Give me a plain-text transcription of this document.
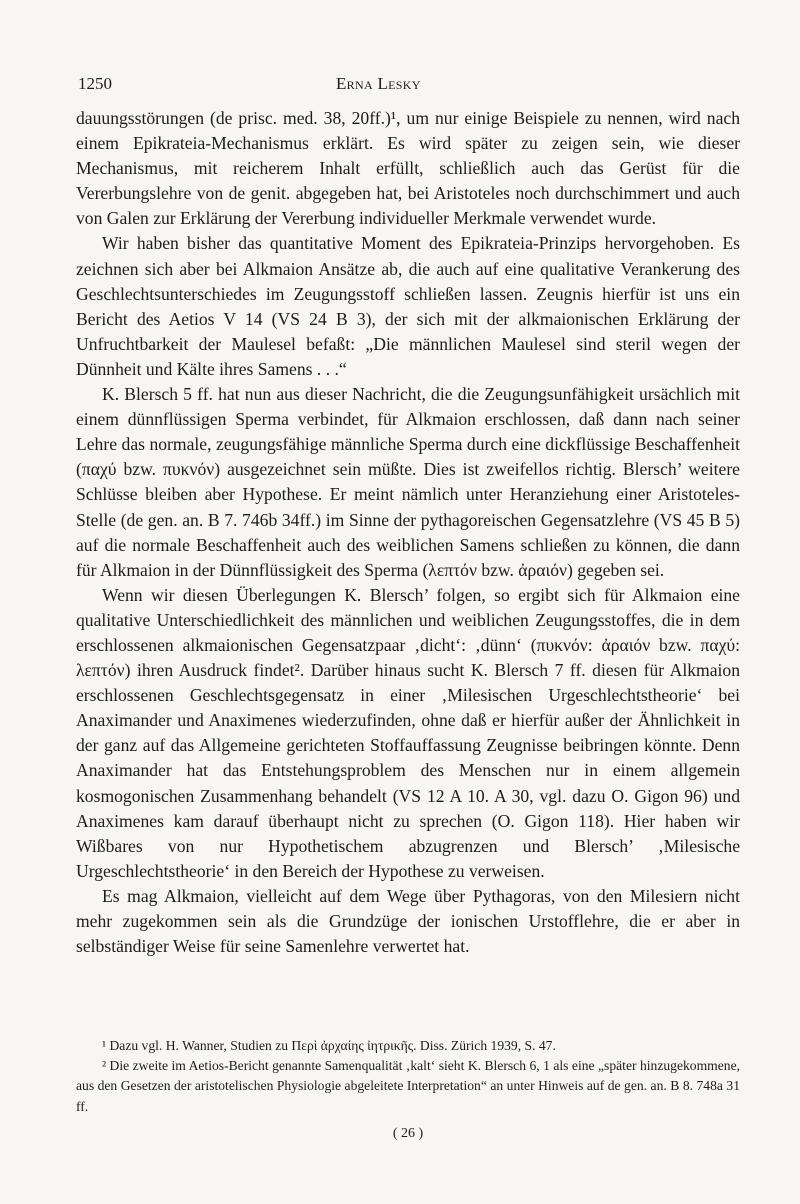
1250	Erna Lesky

dauungsstörungen (de prisc. med. 38, 20ff.)¹, um nur einige Beispiele zu nennen, wird nach einem Epikrateia-Mechanismus erklärt. Es wird später zu zeigen sein, wie dieser Mechanismus, mit reicherem Inhalt erfüllt, schließlich auch das Gerüst für die Vererbungslehre von de genit. abgegeben hat, bei Aristoteles noch durchschimmert und auch von Galen zur Erklärung der Vererbung individueller Merkmale verwendet wurde.

Wir haben bisher das quantitative Moment des Epikrateia-Prinzips hervorgehoben. Es zeichnen sich aber bei Alkmaion Ansätze ab, die auch auf eine qualitative Verankerung des Geschlechtsunterschiedes im Zeugungsstoff schließen lassen. Zeugnis hierfür ist uns ein Bericht des Aetios V 14 (VS 24 B 3), der sich mit der alkmaionischen Erklärung der Unfruchtbarkeit der Maulesel befaßt: „Die männlichen Maulesel sind steril wegen der Dünnheit und Kälte ihres Samens . . .“

K. Blersch 5 ff. hat nun aus dieser Nachricht, die die Zeugungsunfähigkeit ursächlich mit einem dünnflüssigen Sperma verbindet, für Alkmaion erschlossen, daß dann nach seiner Lehre das normale, zeugungsfähige männliche Sperma durch eine dickflüssige Beschaffenheit (παχύ bzw. πυκνόν) ausgezeichnet sein müßte. Dies ist zweifellos richtig. Blersch’ weitere Schlüsse bleiben aber Hypothese. Er meint nämlich unter Heranziehung einer Aristoteles-Stelle (de gen. an. B 7. 746b 34ff.) im Sinne der pythagoreischen Gegensatzlehre (VS 45 B 5) auf die normale Beschaffenheit auch des weiblichen Samens schließen zu können, die dann für Alkmaion in der Dünnflüssigkeit des Sperma (λεπτόν bzw. ἀραιόν) gegeben sei.

Wenn wir diesen Überlegungen K. Blersch’ folgen, so ergibt sich für Alkmaion eine qualitative Unterschiedlichkeit des männlichen und weiblichen Zeugungsstoffes, die in dem erschlossenen alkmaionischen Gegensatzpaar ‚dicht‘: ‚dünn‘ (πυκνόν: ἀραιόν bzw. παχύ: λεπτόν) ihren Ausdruck findet². Darüber hinaus sucht K. Blersch 7 ff. diesen für Alkmaion erschlossenen Geschlechtsgegensatz in einer ‚Milesischen Urgeschlechtstheorie‘ bei Anaximander und Anaximenes wiederzufinden, ohne daß er hierfür außer der Ähnlichkeit in der ganz auf das Allgemeine gerichteten Stoffauffassung Zeugnisse beibringen könnte. Denn Anaximander hat das Entstehungsproblem des Menschen nur in einem allgemein kosmogonischen Zusammenhang behandelt (VS 12 A 10. A 30, vgl. dazu O. Gigon 96) und Anaximenes kam darauf überhaupt nicht zu sprechen (O. Gigon 118). Hier haben wir Wißbares von nur Hypothetischem abzugrenzen und Blersch’ ‚Milesische Urgeschlechtstheorie‘ in den Bereich der Hypothese zu verweisen.

Es mag Alkmaion, vielleicht auf dem Wege über Pythagoras, von den Milesiern nicht mehr zugekommen sein als die Grundzüge der ionischen Urstofflehre, die er aber in selbständiger Weise für seine Samenlehre verwertet hat.

¹ Dazu vgl. H. Wanner, Studien zu Περὶ ἀρχαίης ἰητρικῆς. Diss. Zürich 1939, S. 47.

² Die zweite im Aetios-Bericht genannte Samenqualität ‚kalt‘ sieht K. Blersch 6, 1 als eine „später hinzugekommene, aus den Gesetzen der aristotelischen Physiologie abgeleitete Interpretation“ an unter Hinweis auf de gen. an. B 8. 748a 31 ff.

( 26 )
